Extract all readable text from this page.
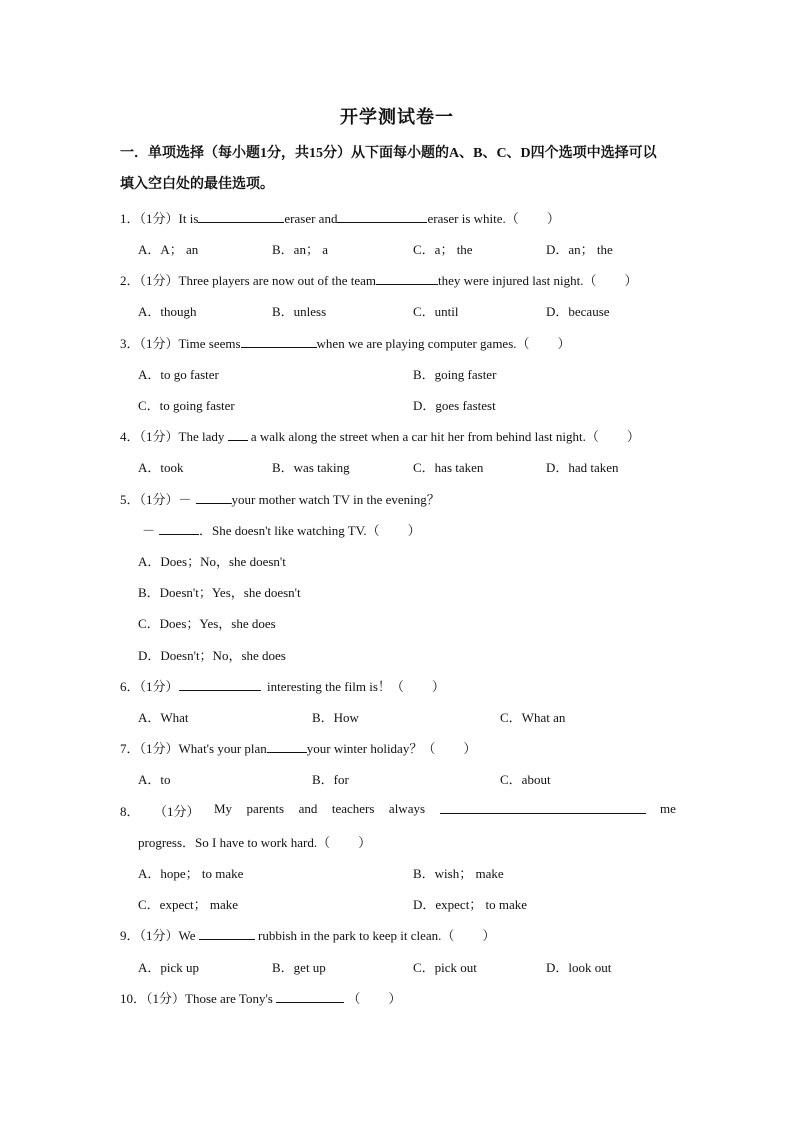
开学测试卷一
一．单项选择（每小题1分，共15分）从下面每小题的A、B、C、D四个选项中选择可以
填入空白处的最佳选项。
1．（1分）It is	eraser and	eraser is white.（ ）
A．A； an	B．an； a	C．a； the	D．an； the
2．（1分）Three players are now out of the team	they were injured last night.（ ）
A．though	B．unless	C．until	D．because
3．（1分）Time seems	when we are playing computer games.（ ）
A．to go faster	B．going faster
C．to going faster	D．goes fastest
4．（1分）The lady a walk along the street when a car hit her from behind last night.（ ）
A．took	B．was taking	C．has taken	D．had taken
5．（1分）－	your mother watch TV in the evening？
－	．She doesn't like watching TV.（ ）
A．Does；No，she doesn't
B．Doesn't；Yes，she doesn't
C．Does；Yes，she does
D．Doesn't；No，she does
6．（1分）	interesting the film is！（ ）
A．What	B．How	C．What an
7．（1分）What's your plan	your winter holiday？（ ）
A．to	B．for	C．about
8． （1分） My parents and teachers always	me
progress．So I have to work hard.（ ）
A．hope； to make	B．wish； make
C．expect； make	D．expect； to make
9．（1分）We	rubbish in the park to keep it clean.（ ）
A．pick up	B．get up	C．pick out	D．look out
10．（1分）Those are Tony's	（ ）
